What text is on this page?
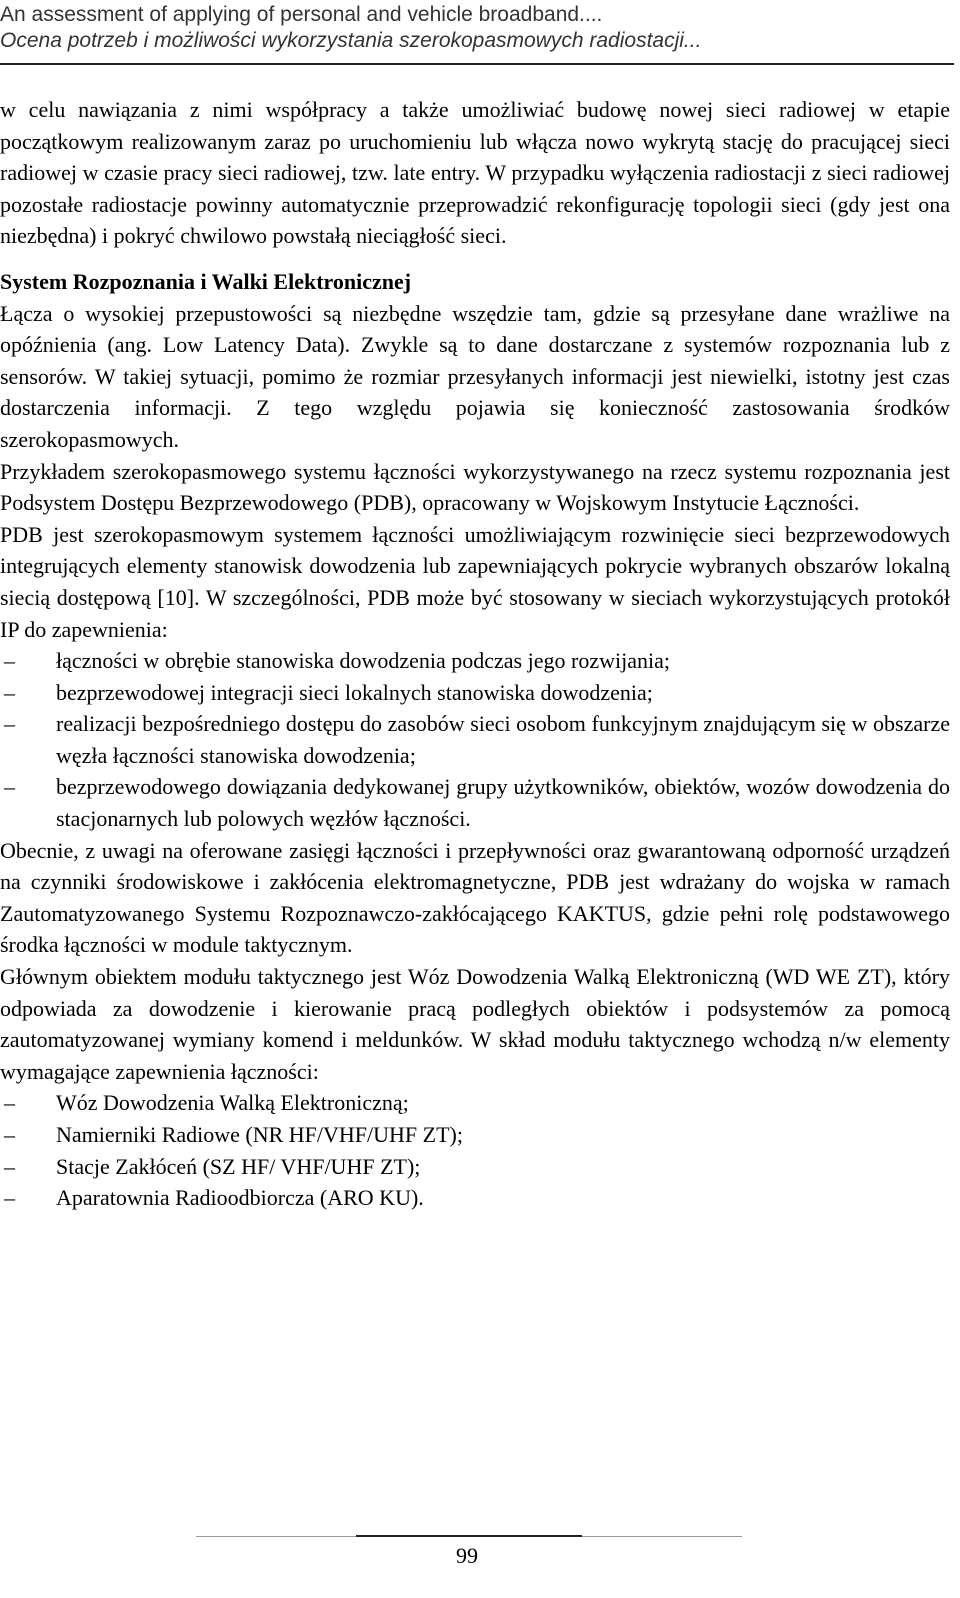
An assessment of applying of personal and vehicle broadband....
Ocena potrzeb i możliwości wykorzystania szerokopasmowych radiostacji...

w celu nawiązania z nimi współpracy a także umożliwiać budowę nowej sieci radiowej w etapie początkowym realizowanym zaraz po uruchomieniu lub włącza nowo wykrytą stację do pracującej sieci radiowej w czasie pracy sieci radiowej, tzw. late entry. W przypadku wyłączenia radiostacji z sieci radiowej pozostałe radiostacje powinny automatycznie przeprowadzić rekonfigurację topologii sieci (gdy jest ona niezbędna) i pokryć chwilowo powstałą nieciągłość sieci.

System Rozpoznania i Walki Elektronicznej

Łącza o wysokiej przepustowości są niezbędne wszędzie tam, gdzie są przesyłane dane wrażliwe na opóźnienia (ang. Low Latency Data). Zwykle są to dane dostarczane z systemów rozpoznania lub z sensorów. W takiej sytuacji, pomimo że rozmiar przesyłanych informacji jest niewielki, istotny jest czas dostarczenia informacji. Z tego względu pojawia się konieczność zastosowania środków szerokopasmowych.

Przykładem szerokopasmowego systemu łączności wykorzystywanego na rzecz systemu rozpoznania jest Podsystem Dostępu Bezprzewodowego (PDB), opracowany w Wojskowym Instytucie Łączności.

PDB jest szerokopasmowym systemem łączności umożliwiającym rozwinięcie sieci bezprzewodowych integrujących elementy stanowisk dowodzenia lub zapewniających pokrycie wybranych obszarów lokalną siecią dostępową [10]. W szczególności, PDB może być stosowany w sieciach wykorzystujących protokół IP do zapewnienia:

–	łączności w obrębie stanowiska dowodzenia podczas jego rozwijania;
–	bezprzewodowej integracji sieci lokalnych stanowiska dowodzenia;
–	realizacji bezpośredniego dostępu do zasobów sieci osobom funkcyjnym znajdującym się w obszarze węzła łączności stanowiska dowodzenia;
–	bezprzewodowego dowiązania dedykowanej grupy użytkowników, obiektów, wozów dowodzenia do stacjonarnych lub polowych węzłów łączności.

Obecnie, z uwagi na oferowane zasięgi łączności i przepływności oraz gwarantowaną odporność urządzeń na czynniki środowiskowe i zakłócenia elektromagnetyczne, PDB jest wdrażany do wojska w ramach Zautomatyzowanego Systemu Rozpoznawczo-zakłócającego KAKTUS, gdzie pełni rolę podstawowego środka łączności w module taktycznym.

Głównym obiektem modułu taktycznego jest Wóz Dowodzenia Walką Elektroniczną (WD WE ZT), który odpowiada za dowodzenie i kierowanie pracą podległych obiektów i podsystemów za pomocą zautomatyzowanej wymiany komend i meldunków. W skład modułu taktycznego wchodzą n/w elementy wymagające zapewnienia łączności:

–	Wóz Dowodzenia Walką Elektroniczną;
–	Namierniki Radiowe (NR HF/VHF/UHF ZT);
–	Stacje Zakłóceń (SZ HF/ VHF/UHF ZT);
–	Aparatownia Radioodbiorcza (ARO KU).
99
